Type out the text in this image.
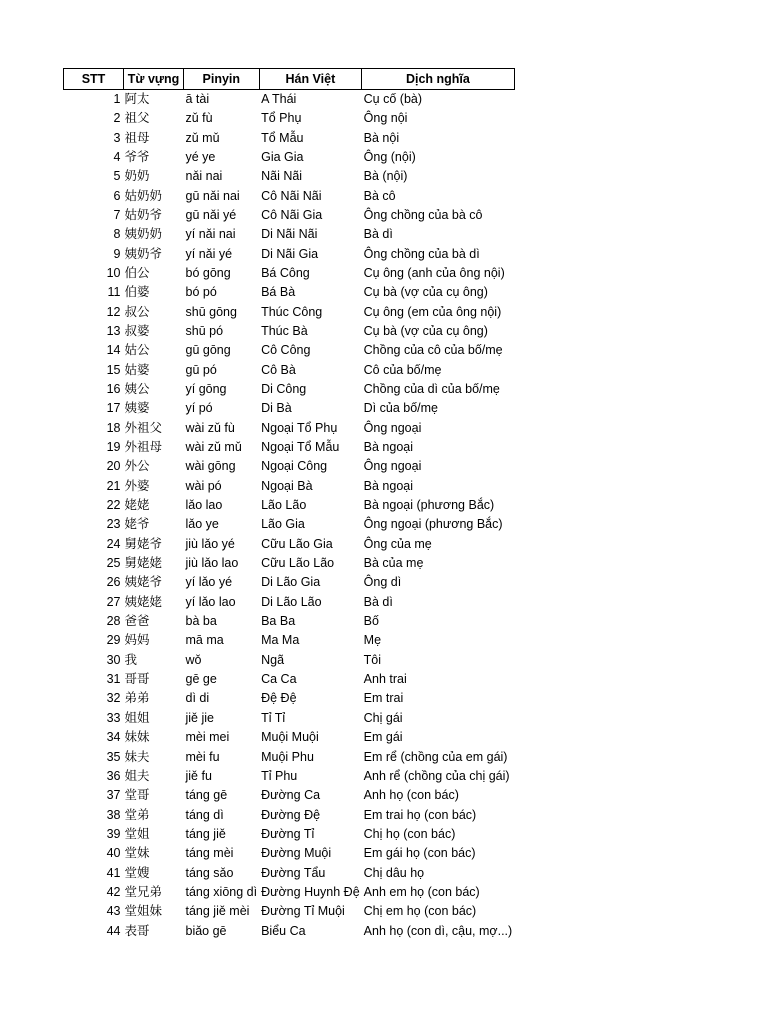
STT	Từ vựng	Pinyin	Hán Việt	Dịch nghĩa
1	阿太	ā tài	A Thái	Cụ cố (bà)
2	祖父	zǔ fù	Tổ Phụ	Ông nội
3	祖母	zǔ mǔ	Tổ Mẫu	Bà nội
4	爷爷	yé ye	Gia Gia	Ông (nội)
5	奶奶	nǎi nai	Nãi Nãi	Bà (nội)
6	姑奶奶	gū nǎi nai	Cô Nãi Nãi	Bà cô
7	姑奶爷	gū nǎi yé	Cô Nãi Gia	Ông chồng của bà cô
8	姨奶奶	yí nǎi nai	Di Nãi Nãi	Bà dì
9	姨奶爷	yí nǎi yé	Di Nãi Gia	Ông chồng của bà dì
10	伯公	bó gōng	Bá Công	Cụ ông (anh của ông nội)
11	伯婆	bó pó	Bá Bà	Cụ bà (vợ của cụ ông)
12	叔公	shū gōng	Thúc Công	Cụ ông (em của ông nội)
13	叔婆	shū pó	Thúc Bà	Cụ bà (vợ của cụ ông)
14	姑公	gū gōng	Cô Công	Chồng của cô của bố/mẹ
15	姑婆	gū pó	Cô Bà	Cô của bố/mẹ
16	姨公	yí gōng	Di Công	Chồng của dì của bố/mẹ
17	姨婆	yí pó	Di Bà	Dì của bố/mẹ
18	外祖父	wài zǔ fù	Ngoại Tổ Phụ	Ông ngoại
19	外祖母	wài zǔ mǔ	Ngoại Tổ Mẫu	Bà ngoại
20	外公	wài gōng	Ngoại Công	Ông ngoại
21	外婆	wài pó	Ngoại Bà	Bà ngoại
22	姥姥	lǎo lao	Lão Lão	Bà ngoại (phương Bắc)
23	姥爷	lǎo ye	Lão Gia	Ông ngoại (phương Bắc)
24	舅姥爷	jiù lǎo yé	Cữu Lão Gia	Ông của mẹ
25	舅姥姥	jiù lǎo lao	Cữu Lão Lão	Bà của mẹ
26	姨姥爷	yí lǎo yé	Di Lão Gia	Ông dì
27	姨姥姥	yí lǎo lao	Di Lão Lão	Bà dì
28	爸爸	bà ba	Ba Ba	Bố
29	妈妈	mā ma	Ma Ma	Mẹ
30	我	wǒ	Ngã	Tôi
31	哥哥	gē ge	Ca Ca	Anh trai
32	弟弟	dì di	Đệ Đệ	Em trai
33	姐姐	jiě jie	Tỉ Tỉ	Chị gái
34	妹妹	mèi mei	Muội Muội	Em gái
35	妹夫	mèi fu	Muội Phu	Em rể (chồng của em gái)
36	姐夫	jiě fu	Tỉ Phu	Anh rể (chồng của chị gái)
37	堂哥	táng gē	Đường Ca	Anh họ (con bác)
38	堂弟	táng dì	Đường Đệ	Em trai họ (con bác)
39	堂姐	táng jiě	Đường Tỉ	Chị họ (con bác)
40	堂妹	táng mèi	Đường Muội	Em gái họ (con bác)
41	堂嫂	táng sǎo	Đường Tẩu	Chị dâu họ
42	堂兄弟	táng xiōng dì	Đường Huynh Đệ	Anh em họ (con bác)
43	堂姐妹	táng jiě mèi	Đường Tỉ Muội	Chị em họ (con bác)
44	表哥	biǎo gē	Biểu Ca	Anh họ (con dì, cậu, mợ...)
